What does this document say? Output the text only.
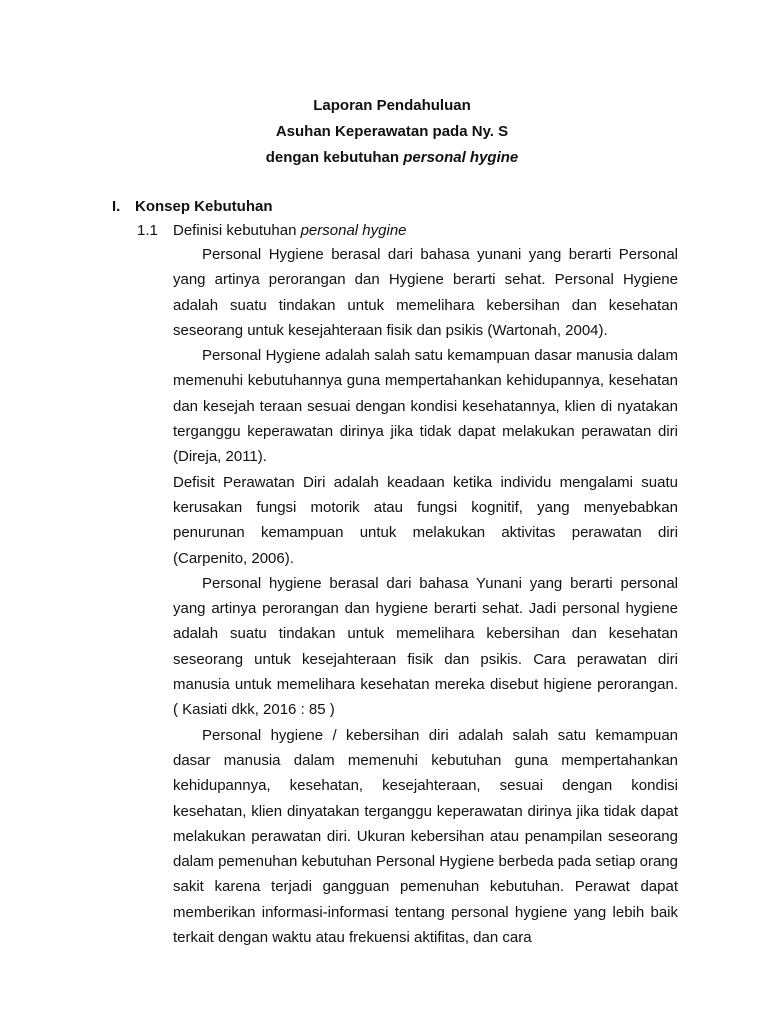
Laporan Pendahuluan
Asuhan Keperawatan pada Ny. S
dengan kebutuhan personal hygine
I. Konsep Kebutuhan
1.1 Definisi kebutuhan personal hygine

Personal Hygiene berasal dari bahasa yunani yang berarti Personal yang artinya perorangan dan Hygiene berarti sehat. Personal Hygiene adalah suatu tindakan untuk memelihara kebersihan dan kesehatan seseorang untuk kesejahteraan fisik dan psikis (Wartonah, 2004).

Personal Hygiene adalah salah satu kemampuan dasar manusia dalam memenuhi kebutuhannya guna mempertahankan kehidupannya, kesehatan dan kesejah teraan sesuai dengan kondisi kesehatannya, klien di nyatakan terganggu keperawatan dirinya jika tidak dapat melakukan perawatan diri (Direja, 2011).

Defisit Perawatan Diri adalah keadaan ketika individu mengalami suatu kerusakan fungsi motorik atau fungsi kognitif, yang menyebabkan penurunan kemampuan untuk melakukan aktivitas perawatan diri (Carpenito, 2006).

Personal hygiene berasal dari bahasa Yunani yang berarti personal yang artinya perorangan dan hygiene berarti sehat. Jadi personal hygiene adalah suatu tindakan untuk memelihara kebersihan dan kesehatan seseorang untuk kesejahteraan fisik dan psikis. Cara perawatan diri manusia untuk memelihara kesehatan mereka disebut higiene perorangan. ( Kasiati dkk, 2016 : 85 )

Personal hygiene / kebersihan diri adalah salah satu kemampuan dasar manusia dalam memenuhi kebutuhan guna mempertahankan kehidupannya, kesehatan, kesejahteraan, sesuai dengan kondisi kesehatan, klien dinyatakan terganggu keperawatan dirinya jika tidak dapat melakukan perawatan diri. Ukuran kebersihan atau penampilan seseorang dalam pemenuhan kebutuhan Personal Hygiene berbeda pada setiap orang sakit karena terjadi gangguan pemenuhan kebutuhan. Perawat dapat memberikan informasi-informasi tentang personal hygiene yang lebih baik terkait dengan waktu atau frekuensi aktifitas, dan cara
